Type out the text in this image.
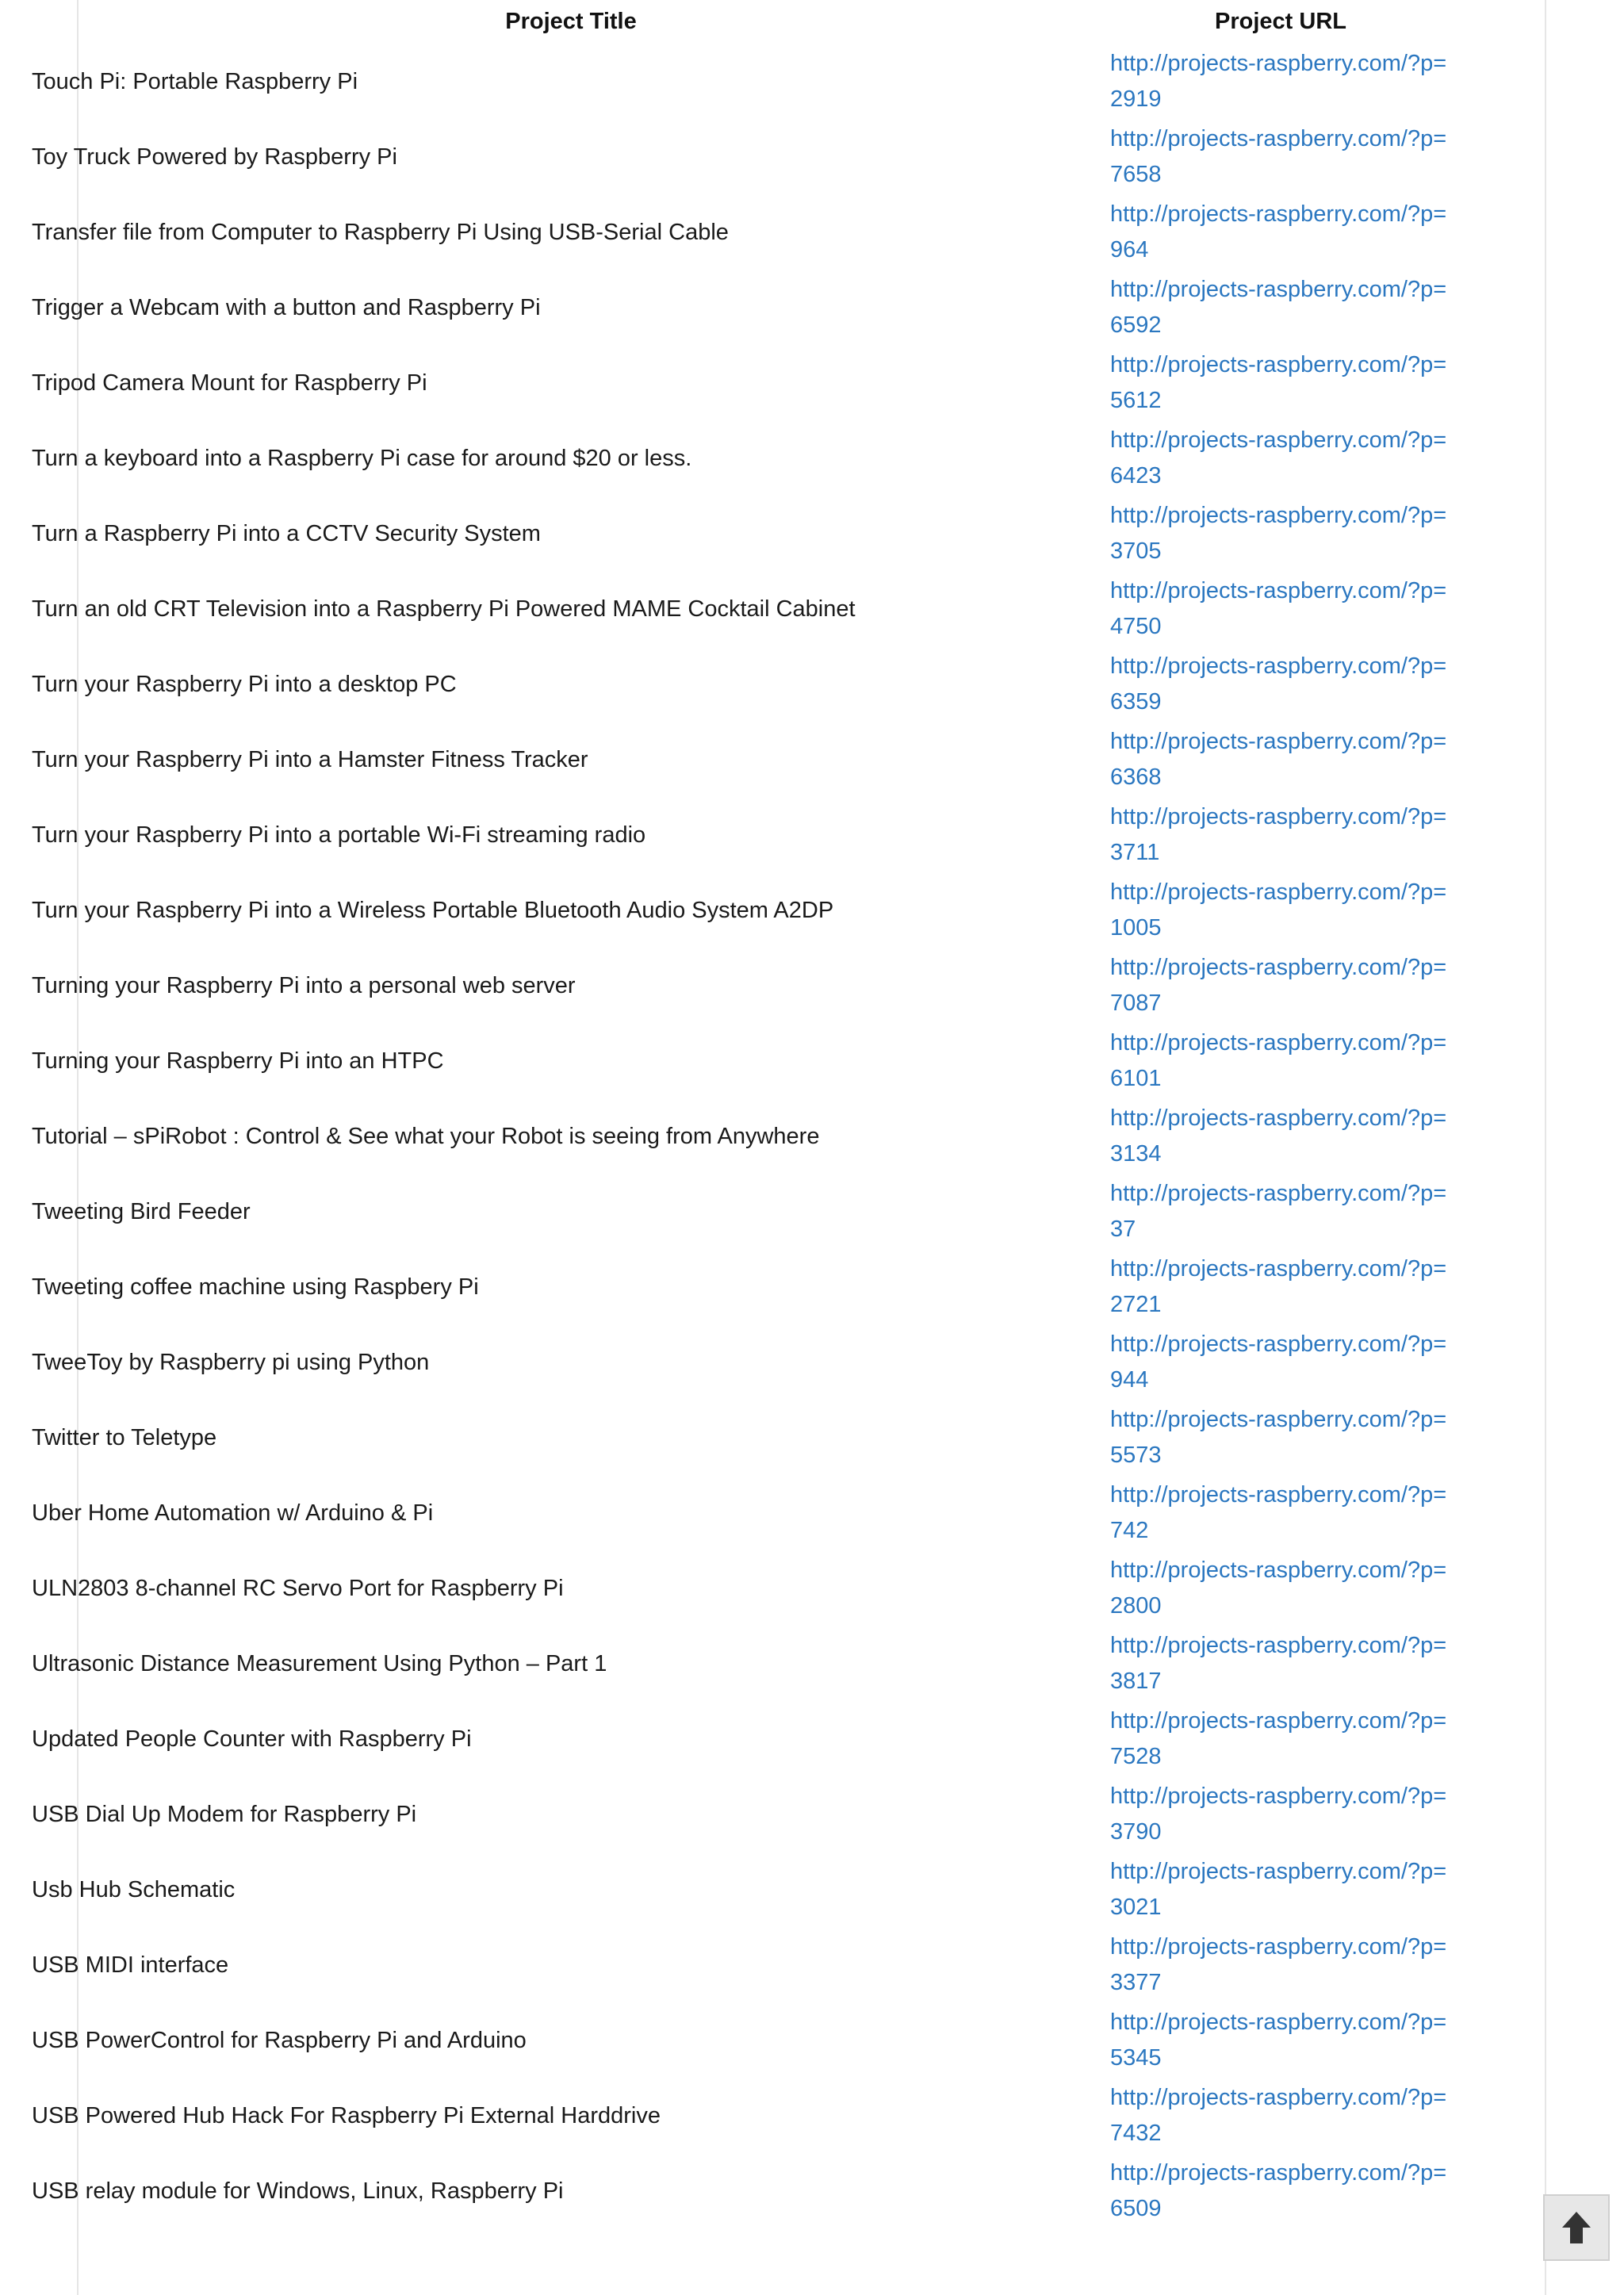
Project Title	Project URL
Touch Pi: Portable Raspberry Pi	http://projects-raspberry.com/?p=2919
Toy Truck Powered by Raspberry Pi	http://projects-raspberry.com/?p=7658
Transfer file from Computer to Raspberry Pi Using USB-Serial Cable	http://projects-raspberry.com/?p=964
Trigger a Webcam with a button and Raspberry Pi	http://projects-raspberry.com/?p=6592
Tripod Camera Mount for Raspberry Pi	http://projects-raspberry.com/?p=5612
Turn a keyboard into a Raspberry Pi case for around $20 or less.	http://projects-raspberry.com/?p=6423
Turn a Raspberry Pi into a CCTV Security System	http://projects-raspberry.com/?p=3705
Turn an old CRT Television into a Raspberry Pi Powered MAME Cocktail Cabinet	http://projects-raspberry.com/?p=4750
Turn your Raspberry Pi into a desktop PC	http://projects-raspberry.com/?p=6359
Turn your Raspberry Pi into a Hamster Fitness Tracker	http://projects-raspberry.com/?p=6368
Turn your Raspberry Pi into a portable Wi-Fi streaming radio	http://projects-raspberry.com/?p=3711
Turn your Raspberry Pi into a Wireless Portable Bluetooth Audio System A2DP	http://projects-raspberry.com/?p=1005
Turning your Raspberry Pi into a personal web server	http://projects-raspberry.com/?p=7087
Turning your Raspberry Pi into an HTPC	http://projects-raspberry.com/?p=6101
Tutorial – sPiRobot : Control & See what your Robot is seeing from Anywhere	http://projects-raspberry.com/?p=3134
Tweeting Bird Feeder	http://projects-raspberry.com/?p=37
Tweeting coffee machine using Raspbery Pi	http://projects-raspberry.com/?p=2721
TweeToy by Raspberry pi using Python	http://projects-raspberry.com/?p=944
Twitter to Teletype	http://projects-raspberry.com/?p=5573
Uber Home Automation w/ Arduino & Pi	http://projects-raspberry.com/?p=742
ULN2803 8-channel RC Servo Port for Raspberry Pi	http://projects-raspberry.com/?p=2800
Ultrasonic Distance Measurement Using Python – Part 1	http://projects-raspberry.com/?p=3817
Updated People Counter with Raspberry Pi	http://projects-raspberry.com/?p=7528
USB Dial Up Modem for Raspberry Pi	http://projects-raspberry.com/?p=3790
Usb Hub Schematic	http://projects-raspberry.com/?p=3021
USB MIDI interface	http://projects-raspberry.com/?p=3377
USB PowerControl for Raspberry Pi and Arduino	http://projects-raspberry.com/?p=5345
USB Powered Hub Hack For Raspberry Pi External Harddrive	http://projects-raspberry.com/?p=7432
USB relay module for Windows, Linux, Raspberry Pi	http://projects-raspberry.com/?p=6509
